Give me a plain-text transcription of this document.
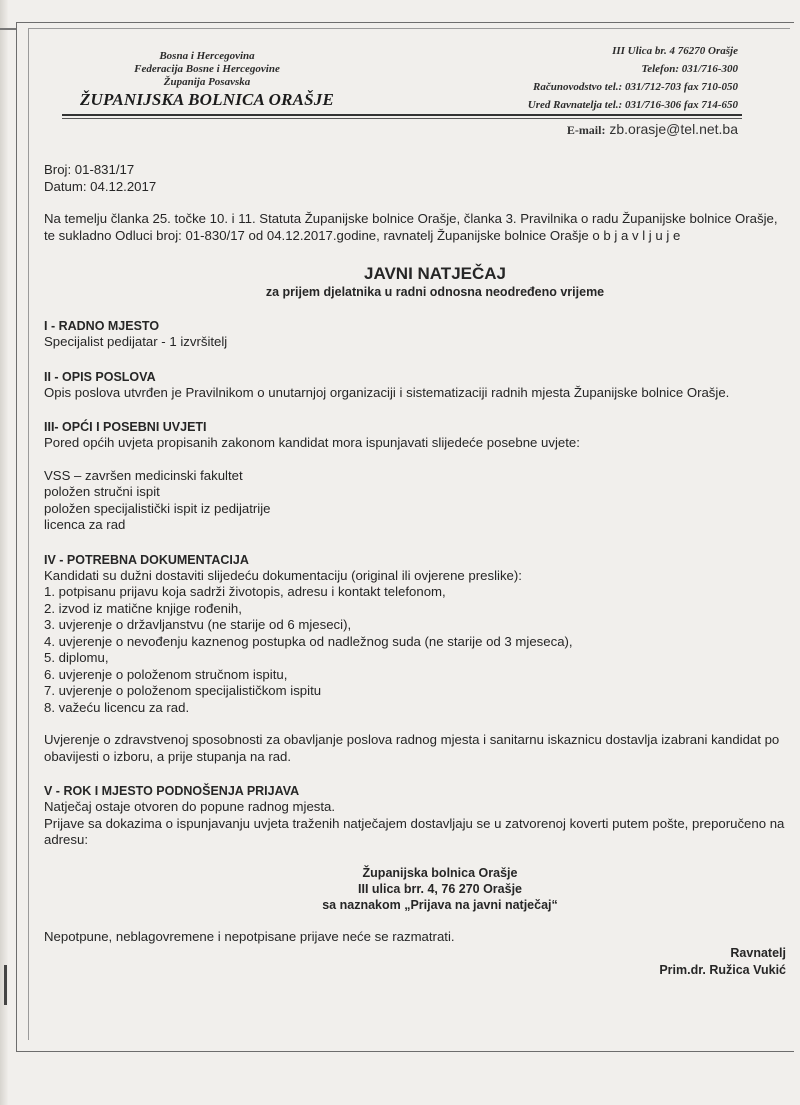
Bosna i Hercegovina
Federacija Bosne i Hercegovine
Županija Posavska
ŽUPANIJSKA BOLNICA ORAŠJE
III Ulica br. 4 76270 Orašje
Telefon: 031/716-300
Računovodstvo tel.: 031/712-703 fax 710-050
Ured Ravnatelja tel.: 031/716-306 fax 714-650
E-mail: zb.orasje@tel.net.ba

Broj: 01-831/17

Datum: 04.12.2017

Na temelju članka 25. točke 10. i 11. Statuta Županijske bolnice Orašje, članka 3. Pravilnika o radu Županijske bolnice Orašje, te sukladno Odluci broj: 01-830/17 od 04.12.2017.godine, ravnatelj Županijske bolnice Orašje o b j a v l j u j e

JAVNI NATJEČAJ
za prijem djelatnika u radni odnosna neodređeno vrijeme
I - RADNO MJESTO

Specijalist pedijatar - 1 izvršitelj

II - OPIS POSLOVA

Opis poslova utvrđen je Pravilnikom o unutarnjoj organizaciji i sistematizaciji radnih mjesta Županijske bolnice Orašje.

III- OPĆI I POSEBNI UVJETI

Pored općih uvjeta propisanih zakonom kandidat mora ispunjavati slijedeće posebne uvjete:

VSS – završen medicinski fakultet

položen stručni ispit

položen specijalistički ispit iz pedijatrije

licenca za rad

IV - POTREBNA DOKUMENTACIJA

Kandidati su dužni dostaviti slijedeću dokumentaciju (original ili ovjerene preslike):

1. potpisanu prijavu koja sadrži životopis, adresu i kontakt telefonom,

2. izvod iz matične knjige rođenih,

3. uvjerenje o državljanstvu (ne starije od 6 mjeseci),

4. uvjerenje o nevođenju kaznenog postupka od nadležnog suda (ne starije od 3 mjeseca),

5. diplomu,

6. uvjerenje o položenom stručnom ispitu,

7. uvjerenje o položenom specijalističkom ispitu

8. važeću licencu za rad.

Uvjerenje o zdravstvenoj sposobnosti za obavljanje poslova radnog mjesta i sanitarnu iskaznicu dostavlja izabrani kandidat po obavijesti o izboru, a prije stupanja na rad.

V - ROK I MJESTO PODNOŠENJA PRIJAVA

Natječaj ostaje otvoren do popune radnog mjesta.

Prijave sa dokazima o ispunjavanju uvjeta traženih natječajem dostavljaju se u zatvorenoj koverti putem pošte, preporučeno na adresu:

Županijska bolnica Orašje
III ulica brr. 4, 76 270 Orašje
sa naznakom „Prijava na javni natječaj“

Nepotpune, neblagovremene i nepotpisane prijave neće se razmatrati.

Ravnatelj
Prim.dr. Ružica Vukić
